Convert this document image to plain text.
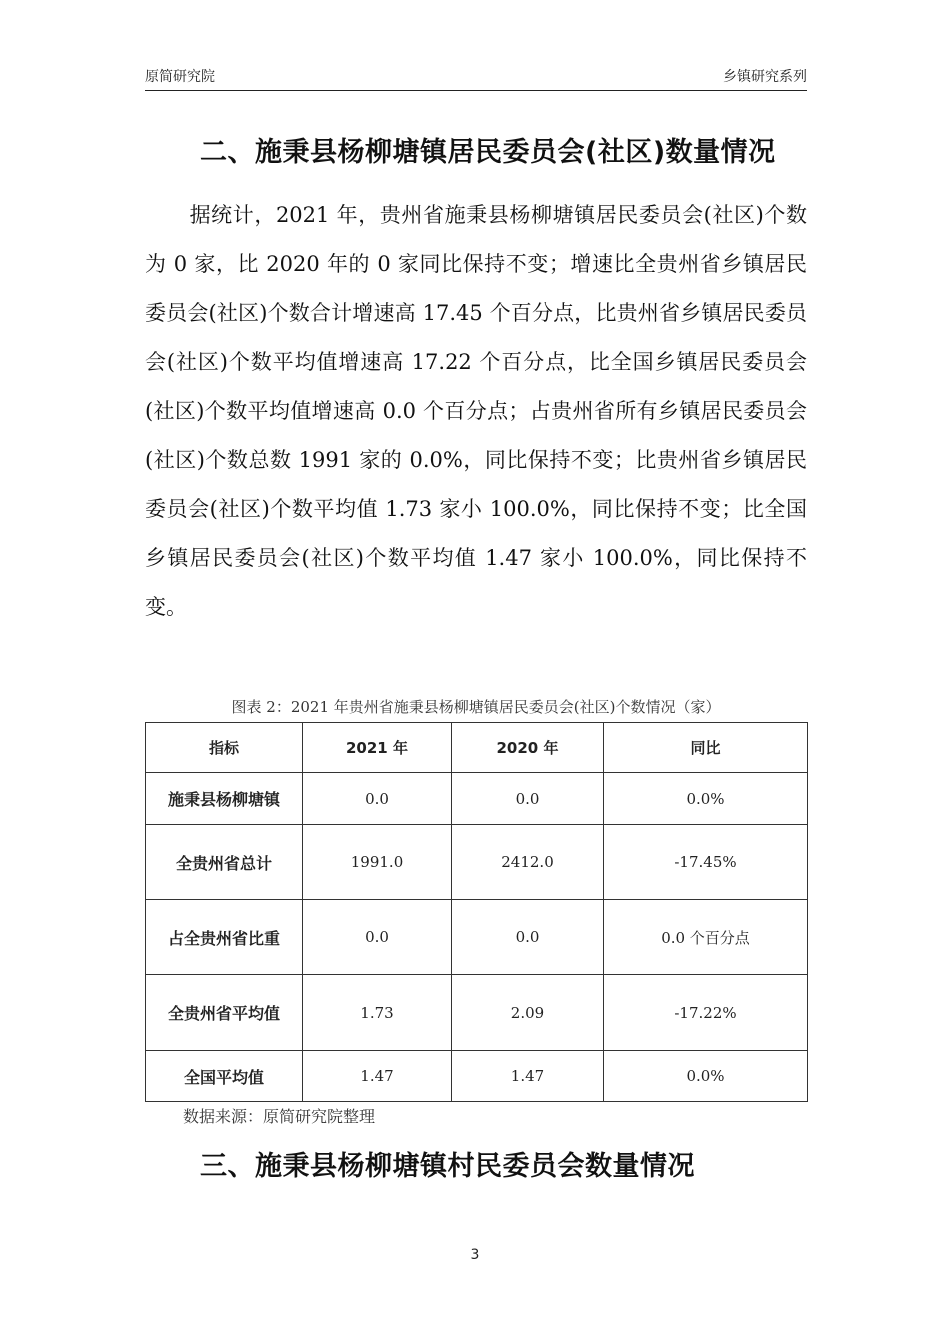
原简研究院	乡镇研究系列
二、施秉县杨柳塘镇居民委员会(社区)数量情况

据统计，2021 年，贵州省施秉县杨柳塘镇居民委员会(社区)个数为 0 家，比 2020 年的 0 家同比保持不变；增速比全贵州省乡镇居民委员会(社区)个数合计增速高 17.45 个百分点，比贵州省乡镇居民委员会(社区)个数平均值增速高 17.22 个百分点，比全国乡镇居民委员会(社区)个数平均值增速高 0.0 个百分点；占贵州省所有乡镇居民委员会(社区)个数总数 1991 家的 0.0%，同比保持不变；比贵州省乡镇居民委员会(社区)个数平均值 1.73 家小 100.0%，同比保持不变；比全国乡镇居民委员会(社区)个数平均值 1.47 家小 100.0%，同比保持不变。

图表 2：2021 年贵州省施秉县杨柳塘镇居民委员会(社区)个数情况（家）
指标	2021 年	2020 年	同比
施秉县杨柳塘镇	0.0	0.0	0.0%
全贵州省总计	1991.0	2412.0	-17.45%
占全贵州省比重	0.0	0.0	0.0 个百分点
全贵州省平均值	1.73	2.09	-17.22%
全国平均值	1.47	1.47	0.0%
数据来源：原简研究院整理
三、施秉县杨柳塘镇村民委员会数量情况
3
